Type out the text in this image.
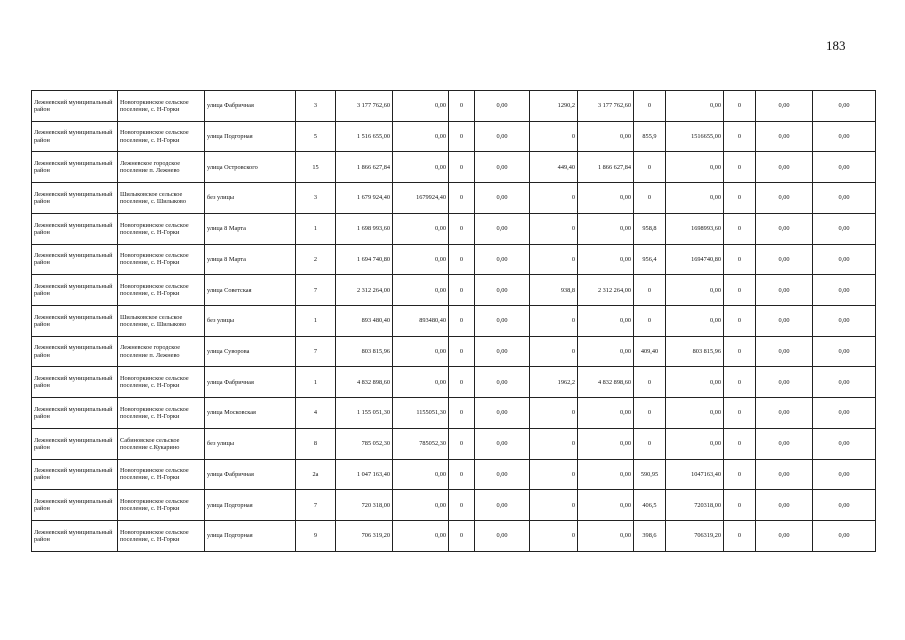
183
Лежневский муниципальный район	Новогоркинское сельское поселение, с. Н-Горки	улица Фабричная	3	3 177 762,60	0,00	0	0,00	1290,2	3 177 762,60	0	0,00	0	0,00	0,00
Лежневский муниципальный район	Новогоркинское сельское поселение, с. Н-Горки	улица Подгорная	5	1 516 655,00	0,00	0	0,00	0	0,00	855,9	1516655,00	0	0,00	0,00
Лежневский муниципальный район	Лежневское городское поселение п. Лежнево	улица Островского	15	1 866 627,84	0,00	0	0,00	449,40	1 866 627,84	0	0,00	0	0,00	0,00
Лежневский муниципальный район	Шилыковское сельское поселение, с. Шилыково	без улицы	3	1 679 924,40	1679924,40	0	0,00	0	0,00	0	0,00	0	0,00	0,00
Лежневский муниципальный район	Новогоркинское сельское поселение, с. Н-Горки	улица 8 Марта	1	1 698 993,60	0,00	0	0,00	0	0,00	958,8	1698993,60	0	0,00	0,00
Лежневский муниципальный район	Новогоркинское сельское поселение, с. Н-Горки	улица 8 Марта	2	1 694 740,80	0,00	0	0,00	0	0,00	956,4	1694740,80	0	0,00	0,00
Лежневский муниципальный район	Новогоркинское сельское поселение, с. Н-Горки	улица Советская	7	2 312 264,00	0,00	0	0,00	938,8	2 312 264,00	0	0,00	0	0,00	0,00
Лежневский муниципальный район	Шилыковское сельское поселение, с. Шилыково	без улицы	1	893 480,40	893480,40	0	0,00	0	0,00	0	0,00	0	0,00	0,00
Лежневский муниципальный район	Лежневское городское поселение п. Лежнево	улица Суворова	7	803 815,96	0,00	0	0,00	0	0,00	409,40	803 815,96	0	0,00	0,00
Лежневский муниципальный район	Новогоркинское сельское поселение, с. Н-Горки	улица Фабричная	1	4 832 898,60	0,00	0	0,00	1962,2	4 832 898,60	0	0,00	0	0,00	0,00
Лежневский муниципальный район	Новогоркинское сельское поселение, с. Н-Горки	улица Московская	4	1 155 051,30	1155051,30	0	0,00	0	0,00	0	0,00	0	0,00	0,00
Лежневский муниципальный район	Сабиновское сельское поселение с.Кукарино	без улицы	8	785 052,30	785052,30	0	0,00	0	0,00	0	0,00	0	0,00	0,00
Лежневский муниципальный район	Новогоркинское сельское поселение, с. Н-Горки	улица Фабричная	2а	1 047 163,40	0,00	0	0,00	0	0,00	590,95	1047163,40	0	0,00	0,00
Лежневский муниципальный район	Новогоркинское сельское поселение, с. Н-Горки	улица Подгорная	7	720 318,00	0,00	0	0,00	0	0,00	406,5	720318,00	0	0,00	0,00
Лежневский муниципальный район	Новогоркинское сельское поселение, с. Н-Горки	улица Подгорная	9	706 319,20	0,00	0	0,00	0	0,00	398,6	706319,20	0	0,00	0,00
